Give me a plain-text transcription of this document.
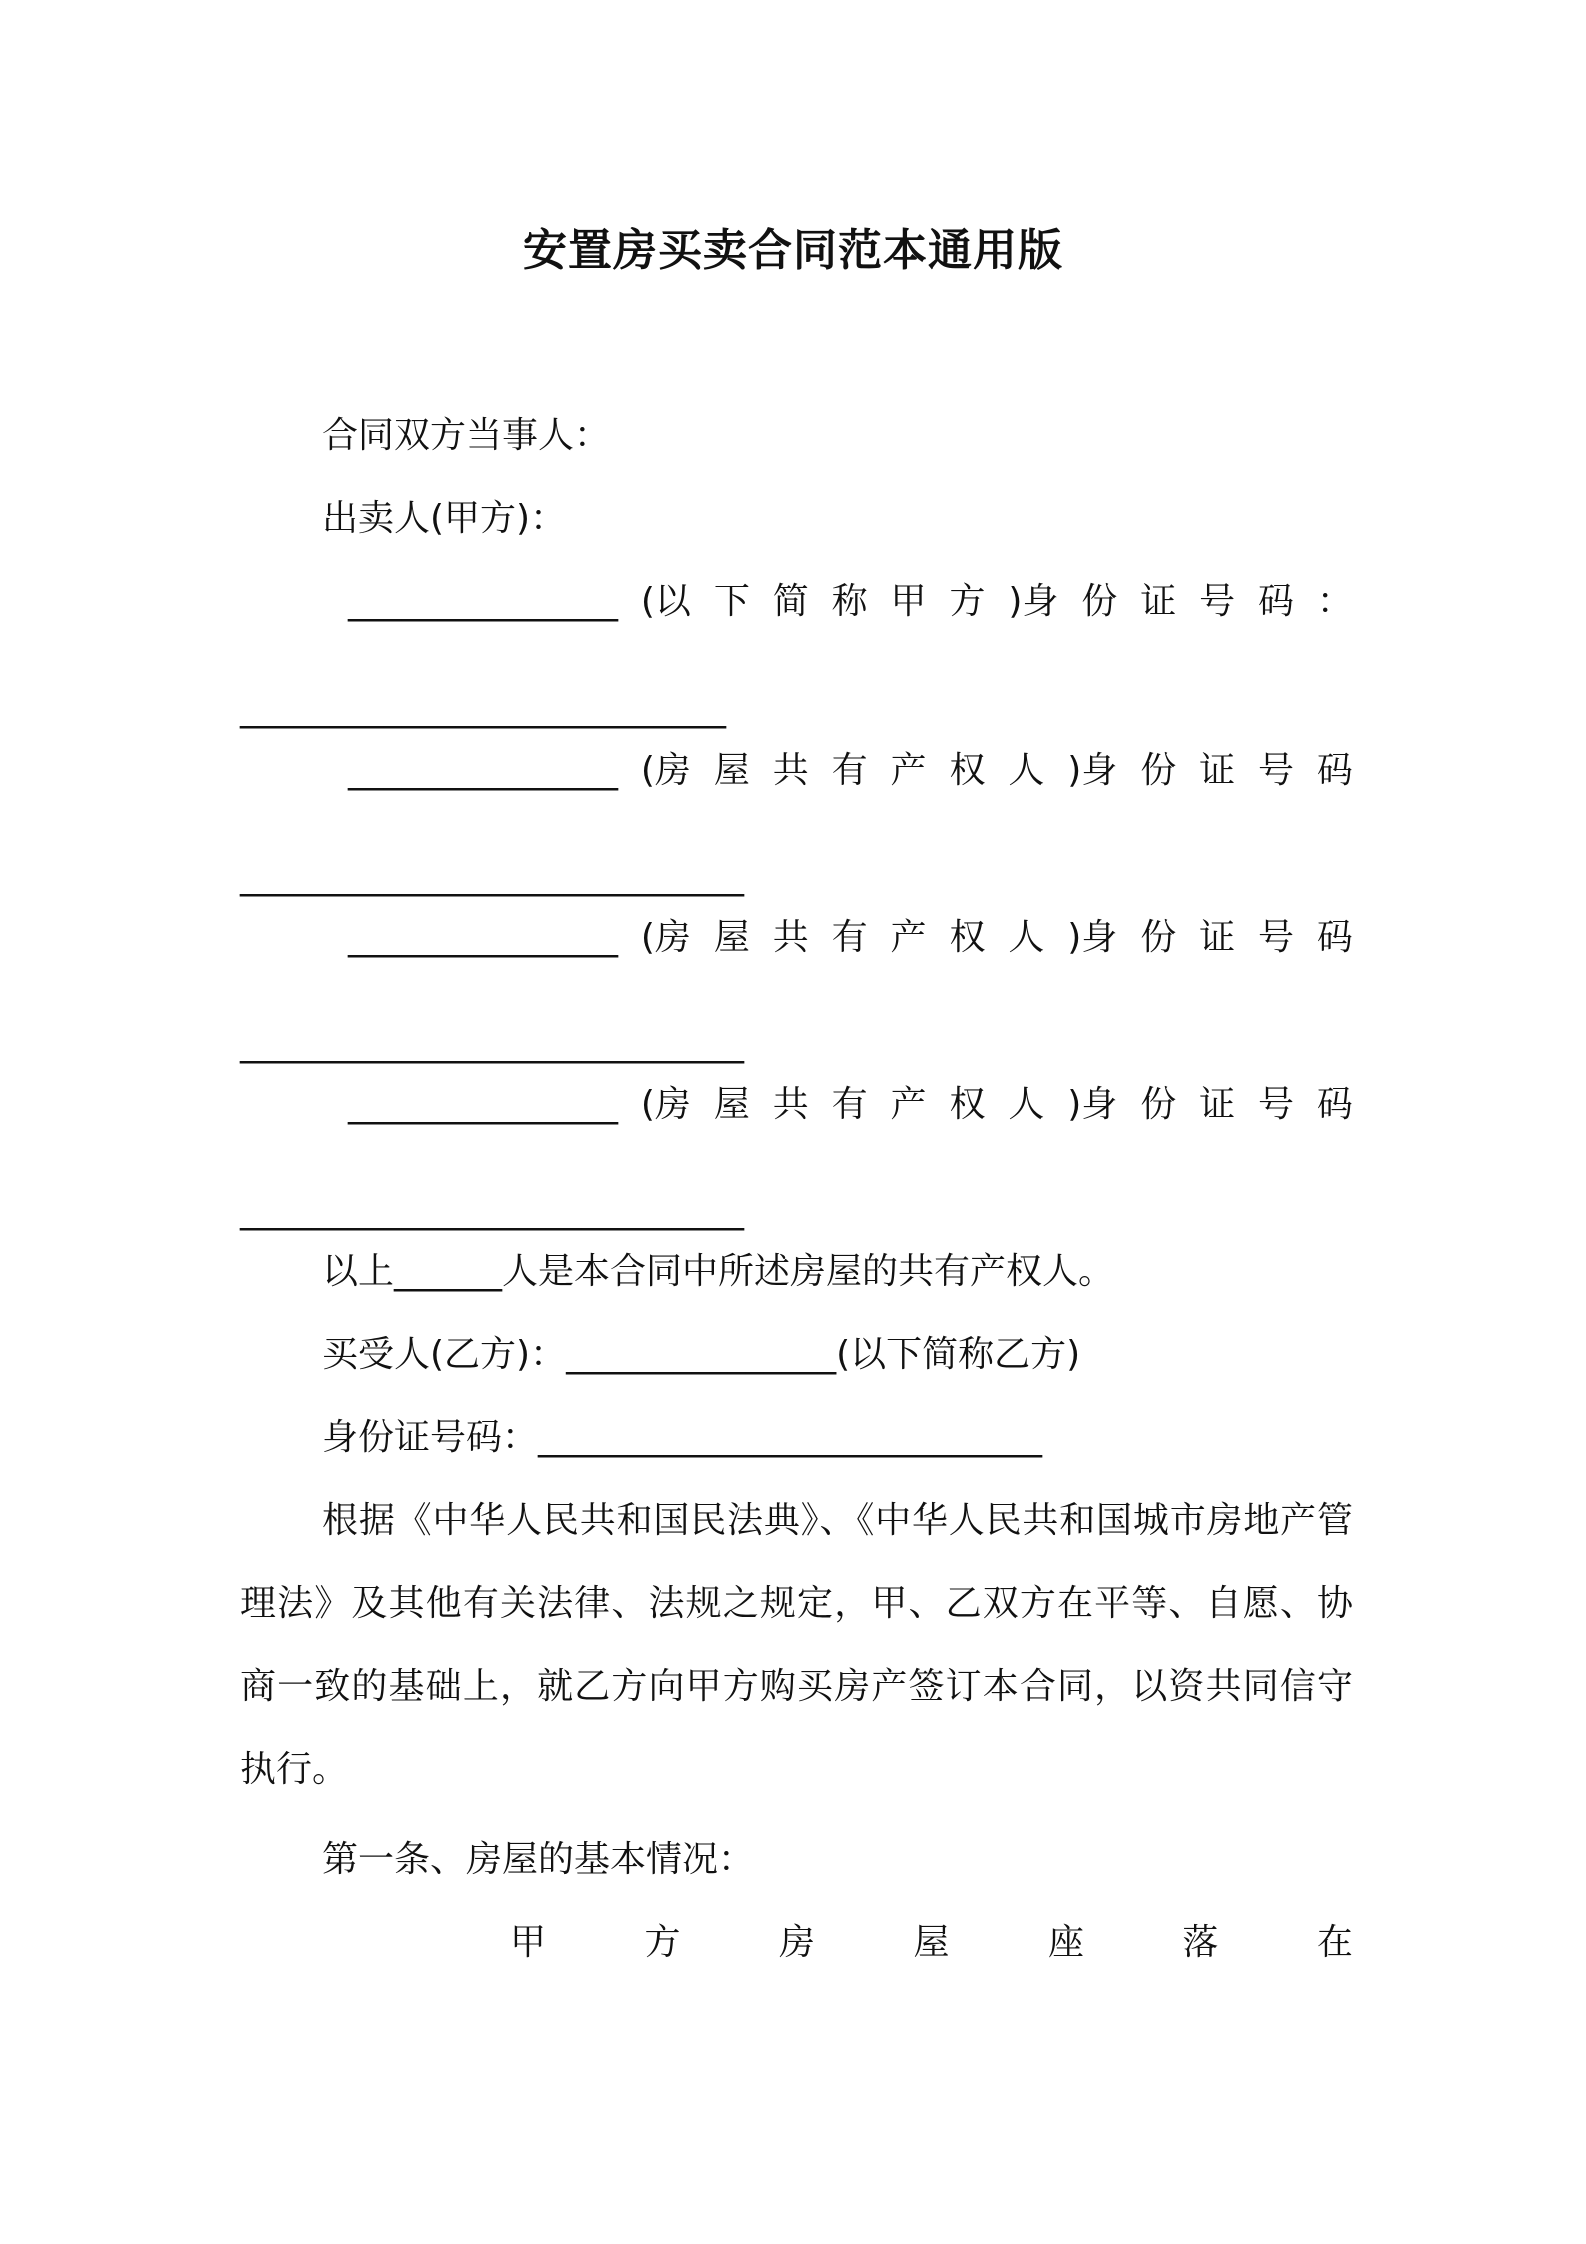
安置房买卖合同范本通用版
合同双方当事人：
出卖人(甲方)：
_______________ (以 下 简 称 甲 方 )身 份 证 号 码 ：
___________________________
_______________ (房 屋 共 有 产 权 人 )身 份 证 号 码
____________________________
_______________ (房 屋 共 有 产 权 人 )身 份 证 号 码
____________________________
_______________ (房 屋 共 有 产 权 人 )身 份 证 号 码
____________________________
以上______人是本合同中所述房屋的共有产权人。
买受人(乙方)：_______________(以下简称乙方)
身份证号码：____________________________
根据《中华人民共和国民法典》、《中华人民共和国城市房地产管理法》及其他有关法律、法规之规定，甲、乙双方在平等、自愿、协商一致的基础上，就乙方向甲方购买房产签订本合同，以资共同信守执行。
第一条、房屋的基本情况：
甲	方	房	屋	座	落	在
